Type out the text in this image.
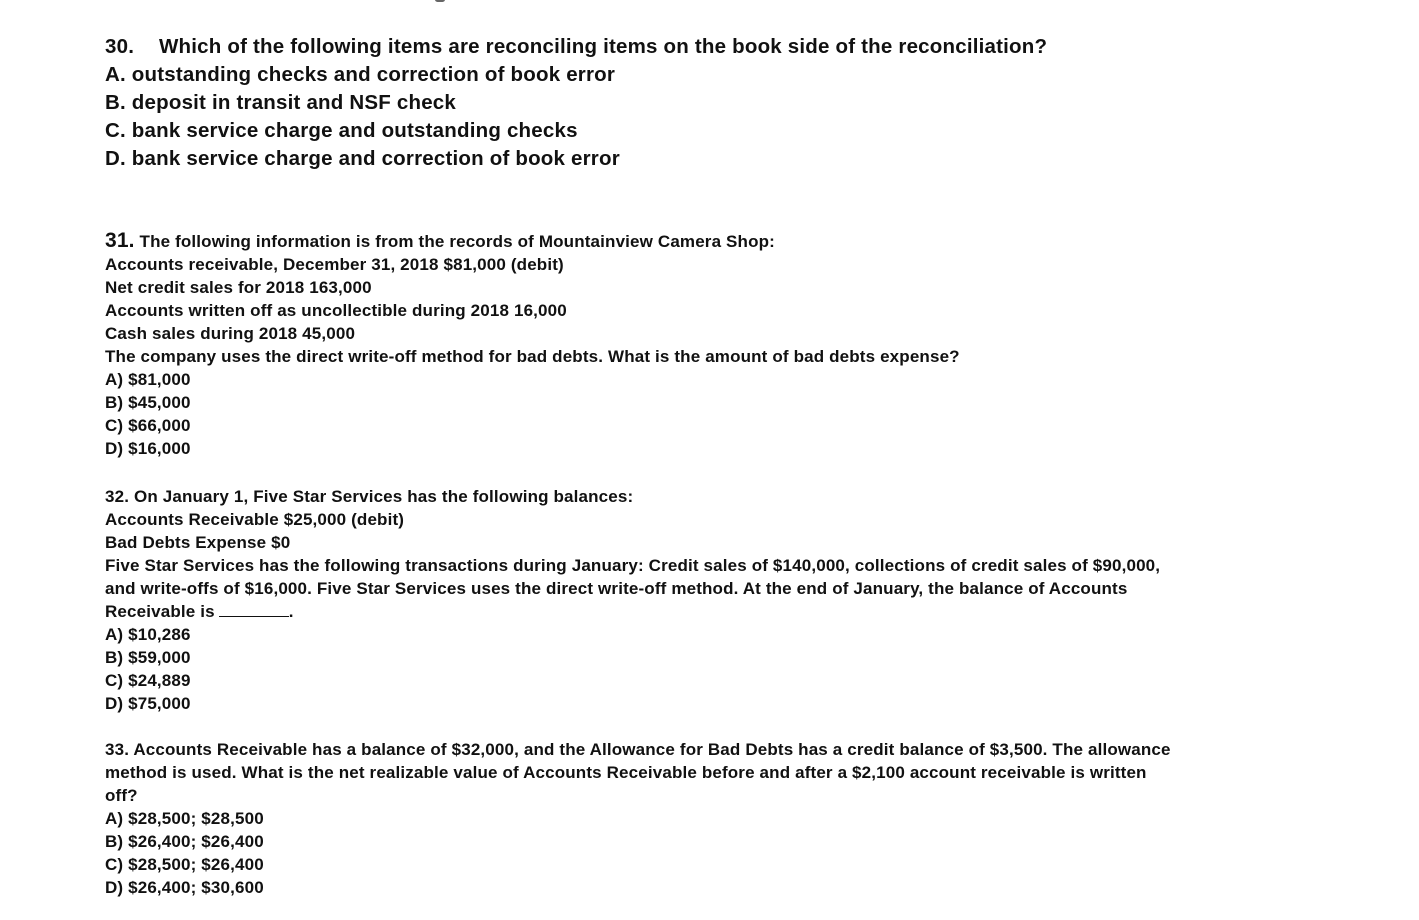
30. Which of the following items are reconciling items on the book side of the reconciliation?
A. outstanding checks and correction of book error
B. deposit in transit and NSF check
C. bank service charge and outstanding checks
D. bank service charge and correction of book error
31. The following information is from the records of Mountainview Camera Shop:
Accounts receivable, December 31, 2018 $81,000 (debit)
Net credit sales for 2018 163,000
Accounts written off as uncollectible during 2018 16,000
Cash sales during 2018 45,000
The company uses the direct write-off method for bad debts. What is the amount of bad debts expense?
A) $81,000
B) $45,000
C) $66,000
D) $16,000
32. On January 1, Five Star Services has the following balances:
Accounts Receivable $25,000 (debit)
Bad Debts Expense $0
Five Star Services has the following transactions during January: Credit sales of $140,000, collections of credit sales of $90,000, and write-offs of $16,000. Five Star Services uses the direct write-off method. At the end of January, the balance of Accounts Receivable is	.
A) $10,286
B) $59,000
C) $24,889
D) $75,000
33. Accounts Receivable has a balance of $32,000, and the Allowance for Bad Debts has a credit balance of $3,500. The allowance method is used. What is the net realizable value of Accounts Receivable before and after a $2,100 account receivable is written off?
A) $28,500; $28,500
B) $26,400; $26,400
C) $28,500; $26,400
D) $26,400; $30,600
